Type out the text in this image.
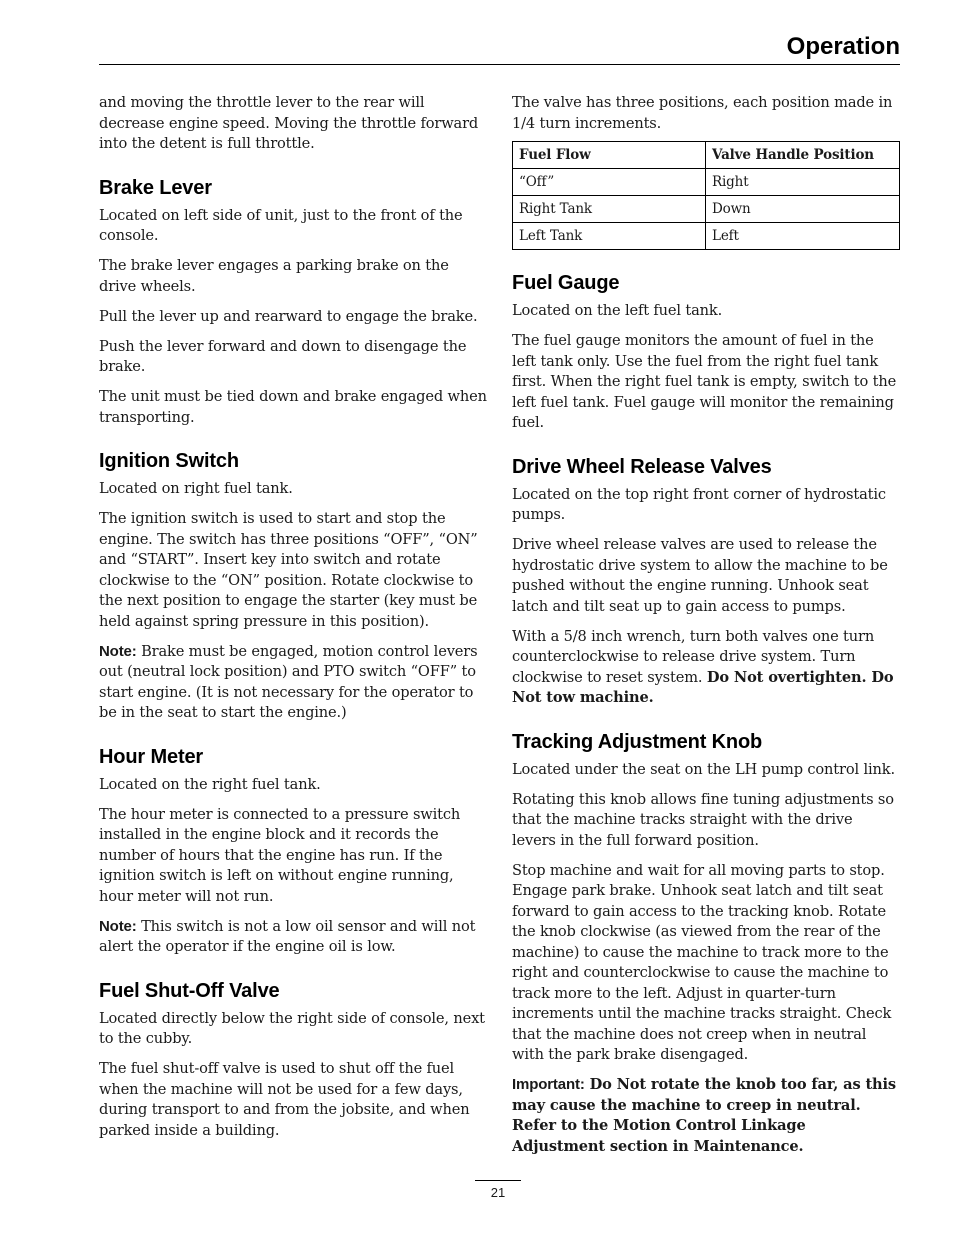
Operation

and moving the throttle lever to the rear will decrease engine speed. Moving the throttle forward into the detent is full throttle.

Brake Lever

Located on left side of unit, just to the front of the console.

The brake lever engages a parking brake on the drive wheels.

Pull the lever up and rearward to engage the brake.

Push the lever forward and down to disengage the brake.

The unit must be tied down and brake engaged when transporting.

Ignition Switch

Located on right fuel tank.

The ignition switch is used to start and stop the engine. The switch has three positions “OFF”, “ON” and “START”. Insert key into switch and rotate clockwise to the “ON” position. Rotate clockwise to the next position to engage the starter (key must be held against spring pressure in this position).

Note: Brake must be engaged, motion control levers out (neutral lock position) and PTO switch “OFF” to start engine. (It is not necessary for the operator to be in the seat to start the engine.)

Hour Meter

Located on the right fuel tank.

The hour meter is connected to a pressure switch installed in the engine block and it records the number of hours that the engine has run. If the ignition switch is left on without engine running, hour meter will not run.

Note: This switch is not a low oil sensor and will not alert the operator if the engine oil is low.

Fuel Shut-Off Valve

Located directly below the right side of console, next to the cubby.

The fuel shut-off valve is used to shut off the fuel when the machine will not be used for a few days, during transport to and from the jobsite, and when parked inside a building.

The valve has three positions, each position made in 1/4 turn increments.

Fuel Flow	Valve Handle Position
“Off”	Right
Right Tank	Down
Left Tank	Left
Fuel Gauge

Located on the left fuel tank.

The fuel gauge monitors the amount of fuel in the left tank only. Use the fuel from the right fuel tank first. When the right fuel tank is empty, switch to the left fuel tank. Fuel gauge will monitor the remaining fuel.

Drive Wheel Release Valves

Located on the top right front corner of hydrostatic pumps.

Drive wheel release valves are used to release the hydrostatic drive system to allow the machine to be pushed without the engine running. Unhook seat latch and tilt seat up to gain access to pumps.

With a 5/8 inch wrench, turn both valves one turn counterclockwise to release drive system. Turn clockwise to reset system. Do Not overtighten. Do Not tow machine.

Tracking Adjustment Knob

Located under the seat on the LH pump control link.

Rotating this knob allows fine tuning adjustments so that the machine tracks straight with the drive levers in the full forward position.

Stop machine and wait for all moving parts to stop. Engage park brake. Unhook seat latch and tilt seat forward to gain access to the tracking knob. Rotate the knob clockwise (as viewed from the rear of the machine) to cause the machine to track more to the right and counterclockwise to cause the machine to track more to the left. Adjust in quarter-turn increments until the machine tracks straight. Check that the machine does not creep when in neutral with the park brake disengaged.

Important: Do Not rotate the knob too far, as this may cause the machine to creep in neutral. Refer to the Motion Control Linkage Adjustment section in Maintenance.

21
